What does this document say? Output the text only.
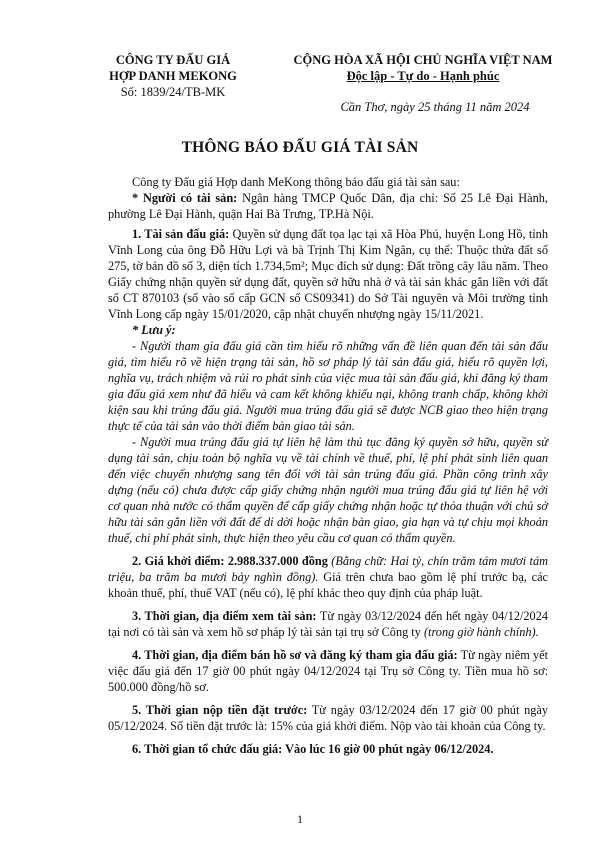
CÔNG TY ĐẤU GIÁ
HỢP DANH MEKONG
Số: 1839/24/TB-MK
CỘNG HÒA XÃ HỘI CHỦ NGHĨA VIỆT NAM
Độc lập - Tự do - Hạnh phúc
Cần Thơ, ngày 25 tháng 11 năm 2024
THÔNG BÁO ĐẤU GIÁ TÀI SẢN

Công ty Đấu giá Hợp danh MeKong thông báo đấu giá tài sản sau:

* Người có tài sản: Ngân hàng TMCP Quốc Dân, địa chỉ: Số 25 Lê Đại Hành, phường Lê Đại Hành, quận Hai Bà Trưng, TP.Hà Nội.

1. Tài sản đấu giá: Quyền sử dụng đất tọa lạc tại xã Hòa Phú, huyện Long Hồ, tỉnh Vĩnh Long của ông Đỗ Hữu Lợi và bà Trịnh Thị Kim Ngân, cụ thể: Thuộc thửa đất số 275, tờ bản đồ số 3, diện tích 1.734,5m²; Mục đích sử dụng: Đất trồng cây lâu năm. Theo Giấy chứng nhận quyền sử dụng đất, quyền sở hữu nhà ở và tài sản khác gắn liền với đất số CT 870103 (số vào sổ cấp GCN số CS09341) do Sở Tài nguyên và Môi trường tỉnh Vĩnh Long cấp ngày 15/01/2020, cập nhật chuyển nhượng ngày 15/11/2021.

* Lưu ý:

- Người tham gia đấu giá cần tìm hiểu rõ những vấn đề liên quan đến tài sản đấu giá, tìm hiểu rõ về hiện trạng tài sản, hồ sơ pháp lý tài sản đấu giá, hiểu rõ quyền lợi, nghĩa vụ, trách nhiệm và rủi ro phát sinh của việc mua tài sản đấu giá, khi đăng ký tham gia đấu giá xem như đã hiểu và cam kết không khiếu nại, không tranh chấp, không khởi kiện sau khi trúng đấu giá. Người mua trúng đấu giá sẽ được NCB giao theo hiện trạng thực tế của tài sản vào thời điểm bàn giao tài sản.

- Người mua trúng đấu giá tự liên hệ làm thủ tục đăng ký quyền sở hữu, quyền sử dụng tài sản, chịu toàn bộ nghĩa vụ về tài chính về thuế, phí, lệ phí phát sinh liên quan đến việc chuyển nhượng sang tên đối với tài sản trúng đấu giá. Phần công trình xây dựng (nếu có) chưa được cấp giấy chứng nhận người mua trúng đấu giá tự liên hệ với cơ quan nhà nước có thẩm quyền để cấp giấy chứng nhận hoặc tự thỏa thuận với chủ sở hữu tài sản gắn liền với đất để di dời hoặc nhận bàn giao, gia hạn và tự chịu mọi khoản thuế, chi phí phát sinh, thực hiện theo yêu cầu cơ quan có thẩm quyền.

2. Giá khởi điểm: 2.988.337.000 đồng (Bằng chữ: Hai tỷ, chín trăm tám mươi tám triệu, ba trăm ba mươi bảy nghìn đồng). Giá trên chưa bao gồm lệ phí trước bạ, các khoản thuế, phí, thuế VAT (nếu có), lệ phí khác theo quy định của pháp luật.

3. Thời gian, địa điểm xem tài sản: Từ ngày 03/12/2024 đến hết ngày 04/12/2024 tại nơi có tài sản và xem hồ sơ pháp lý tài sản tại trụ sở Công ty (trong giờ hành chính).

4. Thời gian, địa điểm bán hồ sơ và đăng ký tham gia đấu giá: Từ ngày niêm yết việc đấu giá đến 17 giờ 00 phút ngày 04/12/2024 tại Trụ sở Công ty. Tiền mua hồ sơ: 500.000 đồng/hồ sơ.

5. Thời gian nộp tiền đặt trước: Từ ngày 03/12/2024 đến 17 giờ 00 phút ngày 05/12/2024. Số tiền đặt trước là: 15% của giá khởi điểm. Nộp vào tài khoản của Công ty.

6. Thời gian tổ chức đấu giá: Vào lúc 16 giờ 00 phút ngày 06/12/2024.

1
